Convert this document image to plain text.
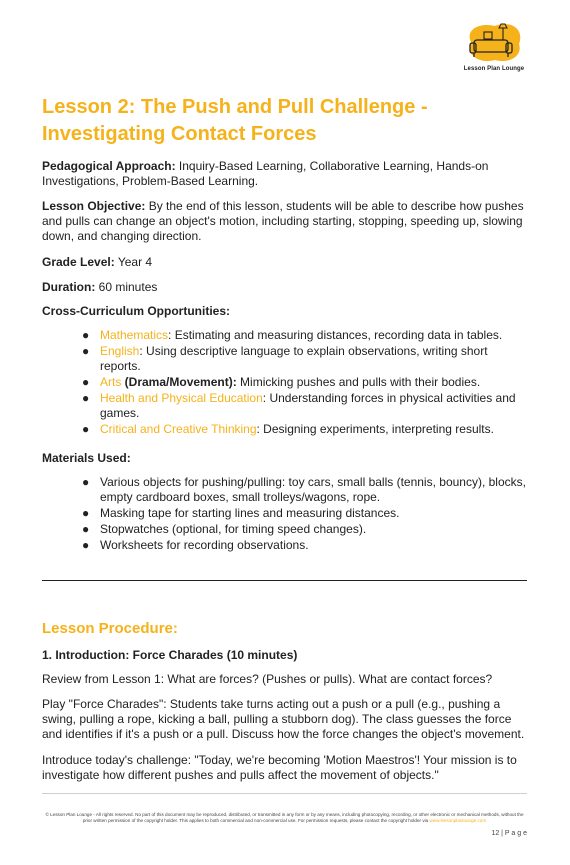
Lesson Plan Lounge
Lesson 2: The Push and Pull Challenge - Investigating Contact Forces

Pedagogical Approach: Inquiry-Based Learning, Collaborative Learning, Hands-on Investigations, Problem-Based Learning.

Lesson Objective: By the end of this lesson, students will be able to describe how pushes and pulls can change an object's motion, including starting, stopping, speeding up, slowing down, and changing direction.

Grade Level: Year 4

Duration: 60 minutes

Cross-Curriculum Opportunities:

● Mathematics: Estimating and measuring distances, recording data in tables.
● English: Using descriptive language to explain observations, writing short reports.
● Arts (Drama/Movement): Mimicking pushes and pulls with their bodies.
● Health and Physical Education: Understanding forces in physical activities and games.
● Critical and Creative Thinking: Designing experiments, interpreting results.

Materials Used:

● Various objects for pushing/pulling: toy cars, small balls (tennis, bouncy), blocks, empty cardboard boxes, small trolleys/wagons, rope.
● Masking tape for starting lines and measuring distances.
● Stopwatches (optional, for timing speed changes).
● Worksheets for recording observations.
Lesson Procedure:

1. Introduction: Force Charades (10 minutes)

Review from Lesson 1: What are forces? (Pushes or pulls). What are contact forces?

Play "Force Charades": Students take turns acting out a push or a pull (e.g., pushing a swing, pulling a rope, kicking a ball, pulling a stubborn dog). The class guesses the force and identifies if it's a push or a pull. Discuss how the force changes the object's movement.

Introduce today's challenge: "Today, we're becoming 'Motion Maestros'! Your mission is to investigate how different pushes and pulls affect the movement of objects."

© Lesson Plan Lounge - All rights reserved. No part of this document may be reproduced, distributed, or transmitted in any form or by any means, including photocopying, recording, or other electronic or mechanical methods, without the prior written permission of the copyright holder. This applies to both commercial and non-commercial use. For permission requests, please contact the copyright holder via www.lessonplanlounge.com

12 | P a g e
